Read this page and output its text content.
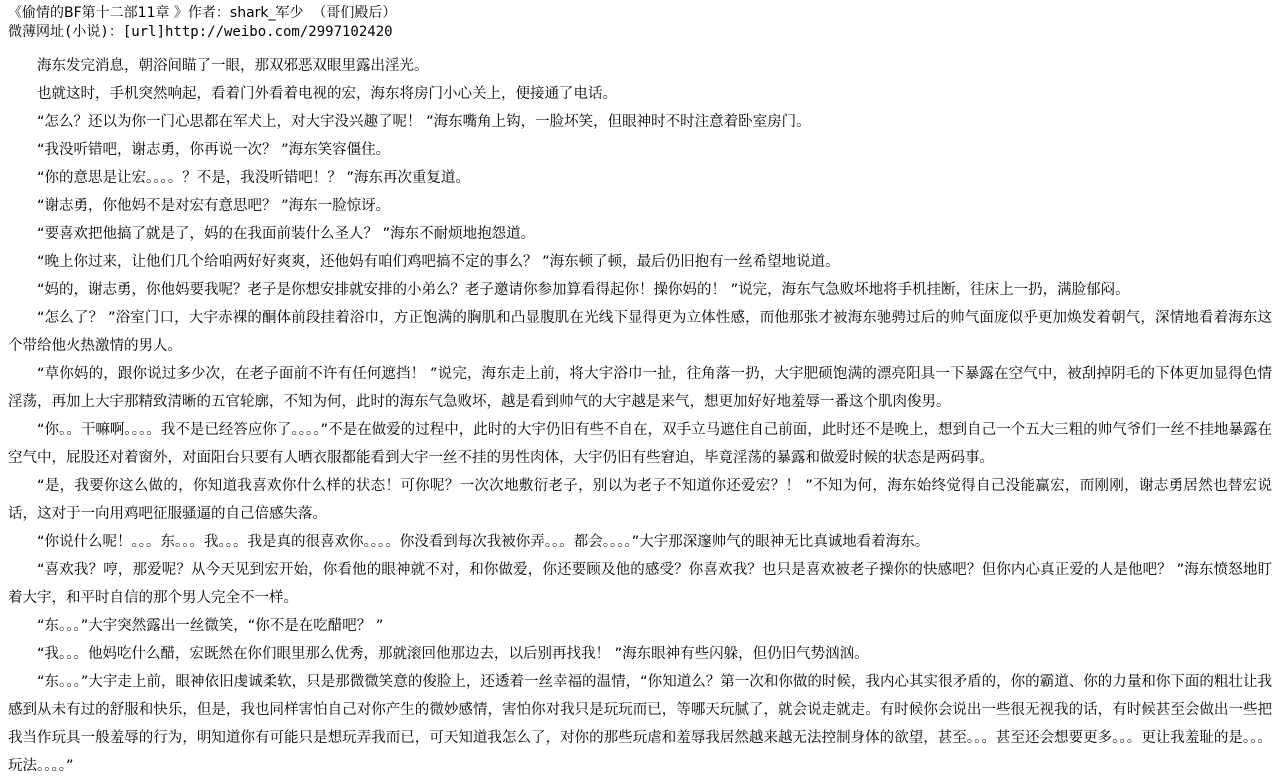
《偷情的BF第十二部11章 》作者：shark_军少  （哥们殿后）
微薄网址(小说)：[url]http://weibo.com/2997102420

海东发完消息，朝浴间瞄了一眼，那双邪恶双眼里露出淫光。

也就这时，手机突然响起，看着门外看着电视的宏，海东将房门小心关上，便接通了电话。

“怎么？还以为你一门心思都在军犬上，对大宇没兴趣了呢！ ”海东嘴角上钩，一脸坏笑，但眼神时不时注意着卧室房门。

“我没听错吧，谢志勇，你再说一次？ ”海东笑容僵住。

“你的意思是让宏。。。。？不是，我没听错吧！？ ”海东再次重复道。

“谢志勇，你他妈不是对宏有意思吧？ ”海东一脸惊讶。

“要喜欢把他搞了就是了，妈的在我面前装什么圣人？ ”海东不耐烦地抱怨道。

“晚上你过来，让他们几个给咱两好好爽爽，还他妈有咱们鸡吧搞不定的事么？ ”海东顿了顿，最后仍旧抱有一丝希望地说道。

“妈的，谢志勇，你他妈要我呢？老子是你想安排就安排的小弟么？老子邀请你参加算看得起你！操你妈的！ ”说完，海东气急败坏地将手机挂断，往床上一扔，满脸郁闷。

“怎么了？ ”浴室门口，大宇赤裸的酮体前段挂着浴巾，方正饱满的胸肌和凸显腹肌在光线下显得更为立体性感，而他那张才被海东驰骋过后的帅气面庞似乎更加焕发着朝气，深情地看着海东这个带给他火热激情的男人。

“草你妈的，跟你说过多少次，在老子面前不许有任何遮挡！ ”说完，海东走上前，将大宇浴巾一扯，往角落一扔，大宇肥硕饱满的漂亮阳具一下暴露在空气中，被刮掉阴毛的下体更加显得色情淫荡，再加上大宇那精致清晰的五官轮廓，不知为何，此时的海东气急败坏，越是看到帅气的大宇越是来气，想更加好好地羞辱一番这个肌肉俊男。

“你。。干嘛啊。。。。我不是已经答应你了。。。。”不是在做爱的过程中，此时的大宇仍旧有些不自在，双手立马遮住自己前面，此时还不是晚上，想到自己一个五大三粗的帅气爷们一丝不挂地暴露在空气中，屁股还对着窗外，对面阳台只要有人晒衣服都能看到大宇一丝不挂的男性肉体，大宇仍旧有些窘迫，毕竟淫荡的暴露和做爱时候的状态是两码事。

“是，我要你这么做的，你知道我喜欢你什么样的状态！可你呢？一次次地敷衍老子，别以为老子不知道你还爱宏？！ ”不知为何，海东始终觉得自己没能赢宏，而刚刚，谢志勇居然也替宏说话，这对于一向用鸡吧征服骚逼的自己倍感失落。

“你说什么呢！。。。东。。。我。。。我是真的很喜欢你。。。。你没看到每次我被你弄。。。都会。。。。”大宇那深邃帅气的眼神无比真诚地看着海东。

“喜欢我？哼，那爱呢？从今天见到宏开始，你看他的眼神就不对，和你做爱，你还要顾及他的感受？你喜欢我？也只是喜欢被老子操你的快感吧？但你内心真正爱的人是他吧？ ”海东愤怒地盯着大宇，和平时自信的那个男人完全不一样。

“东。。。”大宇突然露出一丝微笑，“你不是在吃醋吧？ ”

“我。。。他妈吃什么醋，宏既然在你们眼里那么优秀，那就滚回他那边去，以后别再找我！ ”海东眼神有些闪躲，但仍旧气势汹汹。

“东。。。”大宇走上前，眼神依旧虔诚柔软，只是那微微笑意的俊脸上，还透着一丝幸福的温情，“你知道么？第一次和你做的时候，我内心其实很矛盾的，你的霸道、你的力量和你下面的粗壮让我感到从未有过的舒服和快乐，但是，我也同样害怕自己对你产生的微妙感情，害怕你对我只是玩玩而已，等哪天玩腻了，就会说走就走。有时候你会说出一些很无视我的话，有时候甚至会做出一些把我当作玩具一般羞辱的行为，明知道你有可能只是想玩弄我而已，可天知道我怎么了，对你的那些玩虐和羞辱我居然越来越无法控制身体的欲望，甚至。。。甚至还会想要更多。。。更让我羞耻的是。。。玩法。。。。”
